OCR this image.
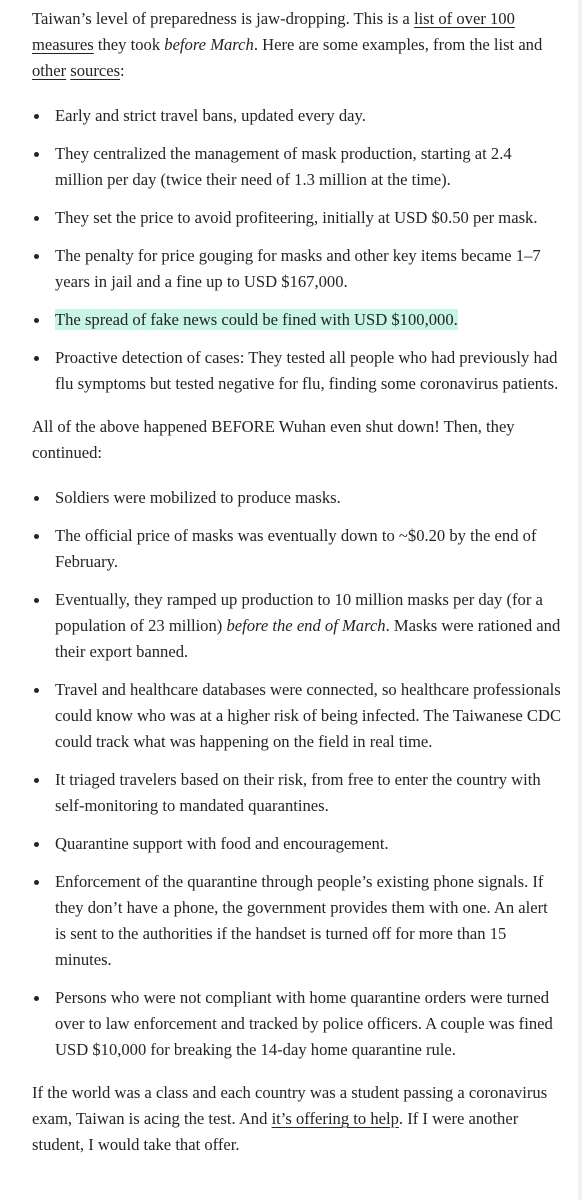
Taiwan’s level of preparedness is jaw-dropping. This is a list of over 100 measures they took before March. Here are some examples, from the list and other sources:

Early and strict travel bans, updated every day.
They centralized the management of mask production, starting at 2.4 million per day (twice their need of 1.3 million at the time).
They set the price to avoid profiteering, initially at USD $0.50 per mask.
The penalty for price gouging for masks and other key items became 1–7 years in jail and a fine up to USD $167,000.
The spread of fake news could be fined with USD $100,000.
Proactive detection of cases: They tested all people who had previously had flu symptoms but tested negative for flu, finding some coronavirus patients.

All of the above happened BEFORE Wuhan even shut down! Then, they continued:

Soldiers were mobilized to produce masks.
The official price of masks was eventually down to ~$0.20 by the end of February.
Eventually, they ramped up production to 10 million masks per day (for a population of 23 million) before the end of March. Masks were rationed and their export banned.
Travel and healthcare databases were connected, so healthcare professionals could know who was at a higher risk of being infected. The Taiwanese CDC could track what was happening on the field in real time.
It triaged travelers based on their risk, from free to enter the country with self-monitoring to mandated quarantines.
Quarantine support with food and encouragement.
Enforcement of the quarantine through people’s existing phone signals. If they don’t have a phone, the government provides them with one. An alert is sent to the authorities if the handset is turned off for more than 15 minutes.
Persons who were not compliant with home quarantine orders were turned over to law enforcement and tracked by police officers. A couple was fined USD $10,000 for breaking the 14-day home quarantine rule.

If the world was a class and each country was a student passing a coronavirus exam, Taiwan is acing the test. And it’s offering to help. If I were another student, I would take that offer.
